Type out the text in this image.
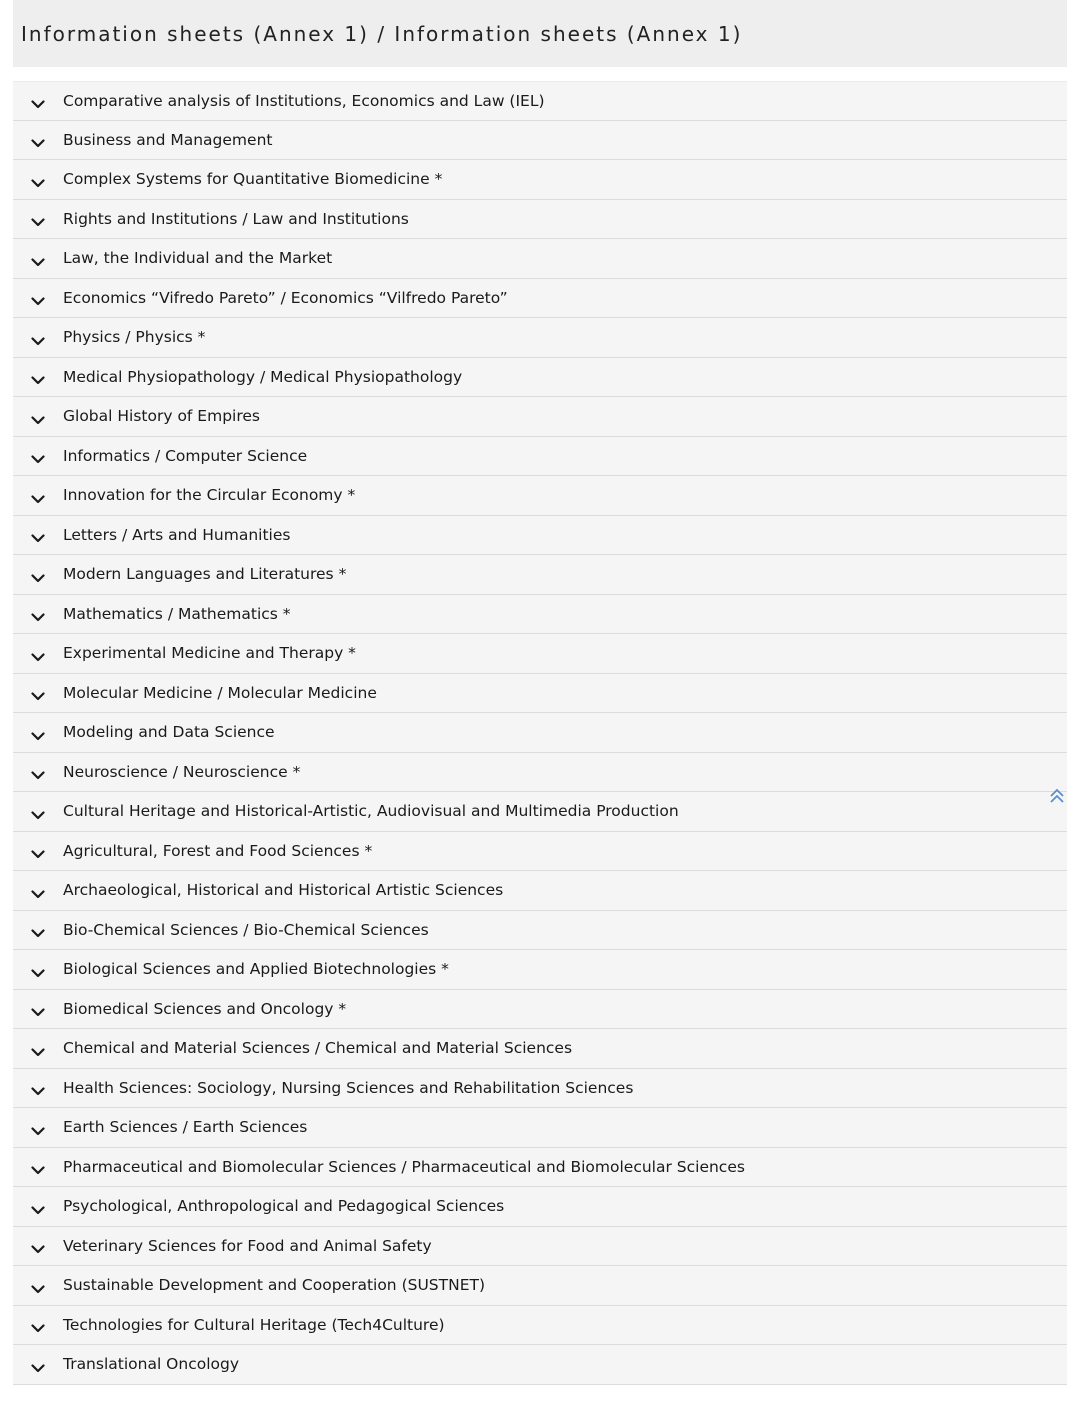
Information sheets (Annex 1) / Information sheets (Annex 1)
Comparative analysis of Institutions, Economics and Law (IEL)
Business and Management
Complex Systems for Quantitative Biomedicine *
Rights and Institutions / Law and Institutions
Law, the Individual and the Market
Economics “Vifredo Pareto” / Economics “Vilfredo Pareto”
Physics / Physics *
Medical Physiopathology / Medical Physiopathology
Global History of Empires
Informatics / Computer Science
Innovation for the Circular Economy *
Letters / Arts and Humanities
Modern Languages and Literatures *
Mathematics / Mathematics *
Experimental Medicine and Therapy *
Molecular Medicine / Molecular Medicine
Modeling and Data Science
Neuroscience / Neuroscience *
Cultural Heritage and Historical-Artistic, Audiovisual and Multimedia Production
Agricultural, Forest and Food Sciences *
Archaeological, Historical and Historical Artistic Sciences
Bio-Chemical Sciences / Bio-Chemical Sciences
Biological Sciences and Applied Biotechnologies *
Biomedical Sciences and Oncology *
Chemical and Material Sciences / Chemical and Material Sciences
Health Sciences: Sociology, Nursing Sciences and Rehabilitation Sciences
Earth Sciences / Earth Sciences
Pharmaceutical and Biomolecular Sciences / Pharmaceutical and Biomolecular Sciences
Psychological, Anthropological and Pedagogical Sciences
Veterinary Sciences for Food and Animal Safety
Sustainable Development and Cooperation (SUSTNET)
Technologies for Cultural Heritage (Tech4Culture)
Translational Oncology
